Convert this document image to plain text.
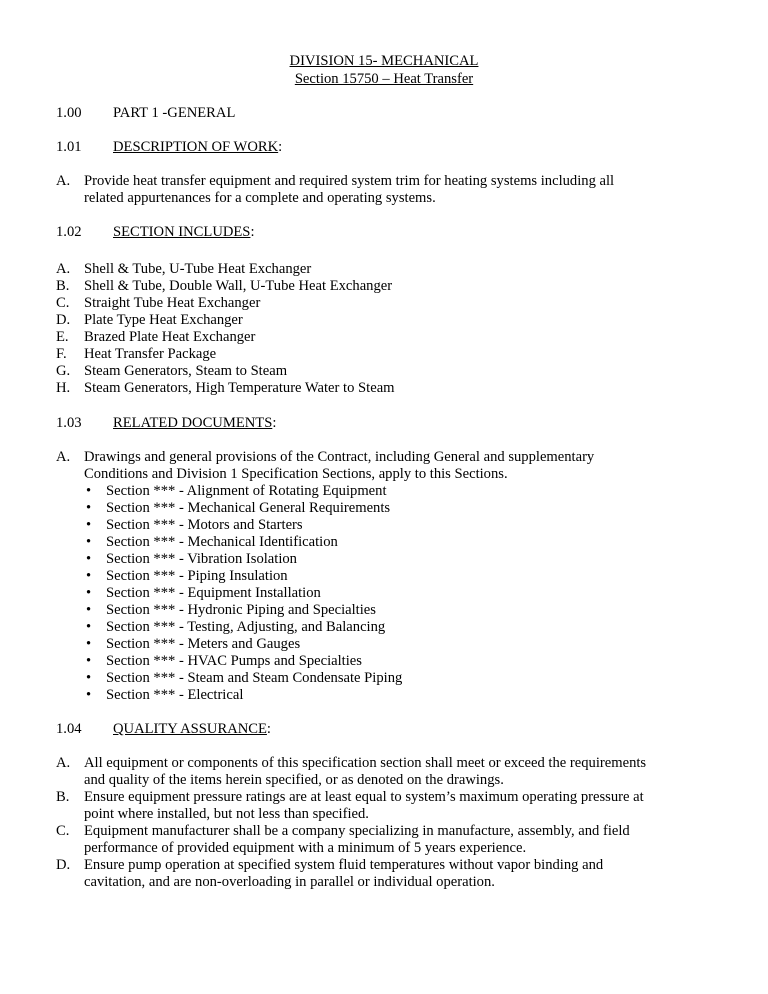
DIVISION 15- MECHANICAL
Section 15750 – Heat Transfer
1.00 PART 1 -GENERAL
1.01 DESCRIPTION OF WORK:
A. Provide heat transfer equipment and required system trim for heating systems including all
related appurtenances for a complete and operating systems.
1.02 SECTION INCLUDES:
A. Shell & Tube, U-Tube Heat Exchanger
B. Shell & Tube, Double Wall, U-Tube Heat Exchanger
C. Straight Tube Heat Exchanger
D. Plate Type Heat Exchanger
E. Brazed Plate Heat Exchanger
F. Heat Transfer Package
G. Steam Generators, Steam to Steam
H. Steam Generators, High Temperature Water to Steam
1.03 RELATED DOCUMENTS:
A. Drawings and general provisions of the Contract, including General and supplementary
Conditions and Division 1 Specification Sections, apply to this Sections.
• Section *** - Alignment of Rotating Equipment
• Section *** - Mechanical General Requirements
• Section *** - Motors and Starters
• Section *** - Mechanical Identification
• Section *** - Vibration Isolation
• Section *** - Piping Insulation
• Section *** - Equipment Installation
• Section *** - Hydronic Piping and Specialties
• Section *** - Testing, Adjusting, and Balancing
• Section *** - Meters and Gauges
• Section *** - HVAC Pumps and Specialties
• Section *** - Steam and Steam Condensate Piping
• Section *** - Electrical
1.04 QUALITY ASSURANCE:
A. All equipment or components of this specification section shall meet or exceed the requirements
and quality of the items herein specified, or as denoted on the drawings.
B. Ensure equipment pressure ratings are at least equal to system’s maximum operating pressure at
point where installed, but not less than specified.
C. Equipment manufacturer shall be a company specializing in manufacture, assembly, and field
performance of provided equipment with a minimum of 5 years experience.
D. Ensure pump operation at specified system fluid temperatures without vapor binding and
cavitation, and are non-overloading in parallel or individual operation.
